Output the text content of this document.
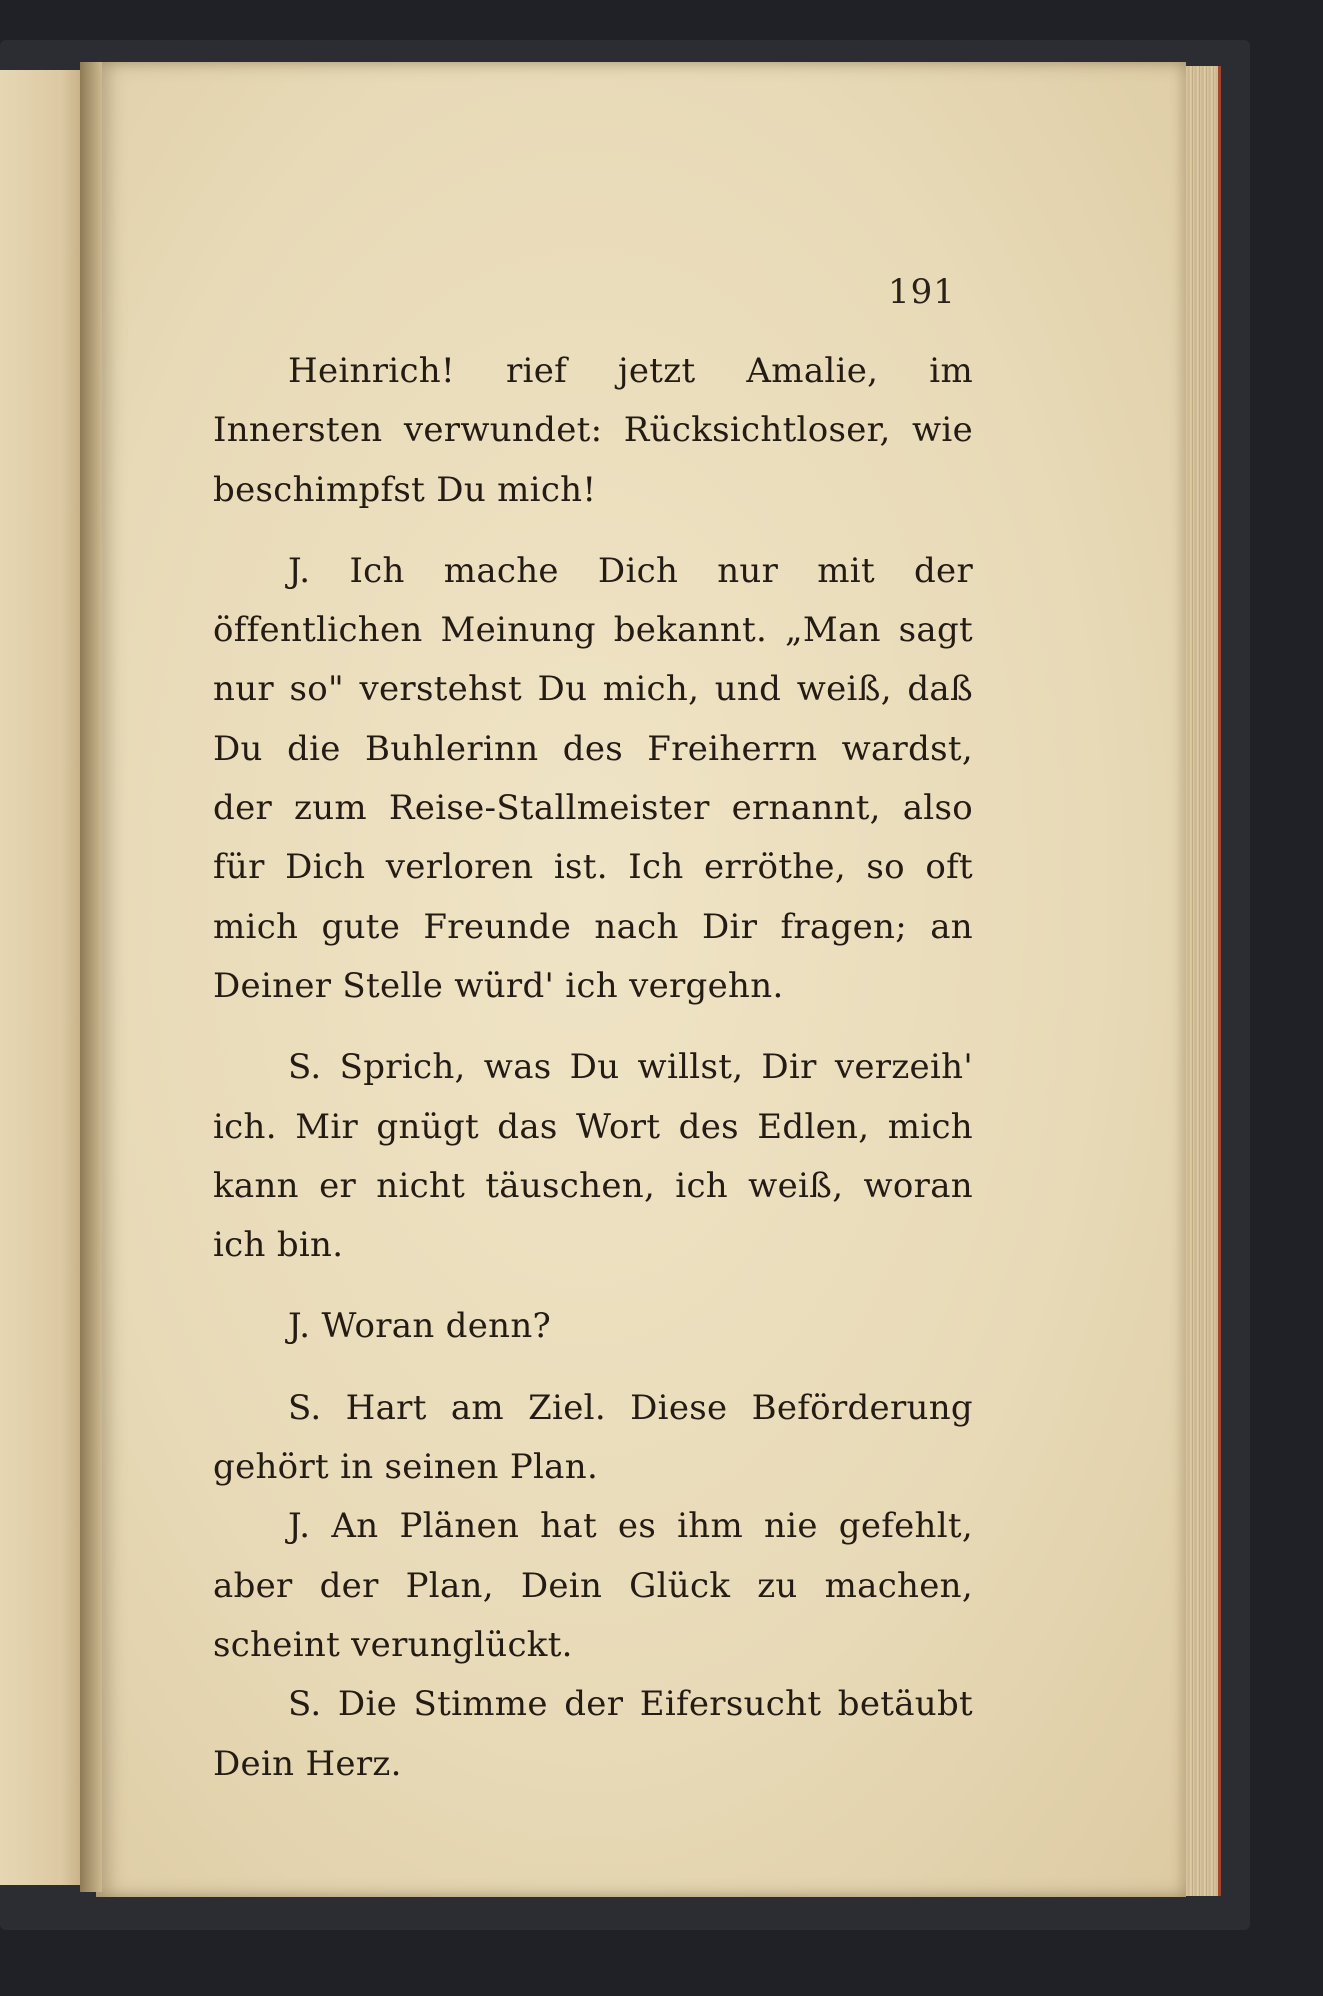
191

Heinrich! rief jetzt Amalie, im Innersten verwundet: Rücksichtloser, wie beschimpfst Du mich!

J. Ich mache Dich nur mit der öffentlichen Meinung bekannt. „Man sagt nur so" verstehst Du mich, und weiß, daß Du die Buhlerinn des Freiherrn wardst, der zum Reise-Stallmeister ernannt, also für Dich verloren ist. Ich erröthe, so oft mich gute Freunde nach Dir fragen; an Deiner Stelle würd' ich vergehn.

S. Sprich, was Du willst, Dir verzeih' ich. Mir gnügt das Wort des Edlen, mich kann er nicht täuschen, ich weiß, woran ich bin.

J. Woran denn?

S. Hart am Ziel. Diese Beförderung gehört in seinen Plan.

J. An Plänen hat es ihm nie gefehlt, aber der Plan, Dein Glück zu machen, scheint verunglückt.

S. Die Stimme der Eifersucht betäubt Dein Herz.
